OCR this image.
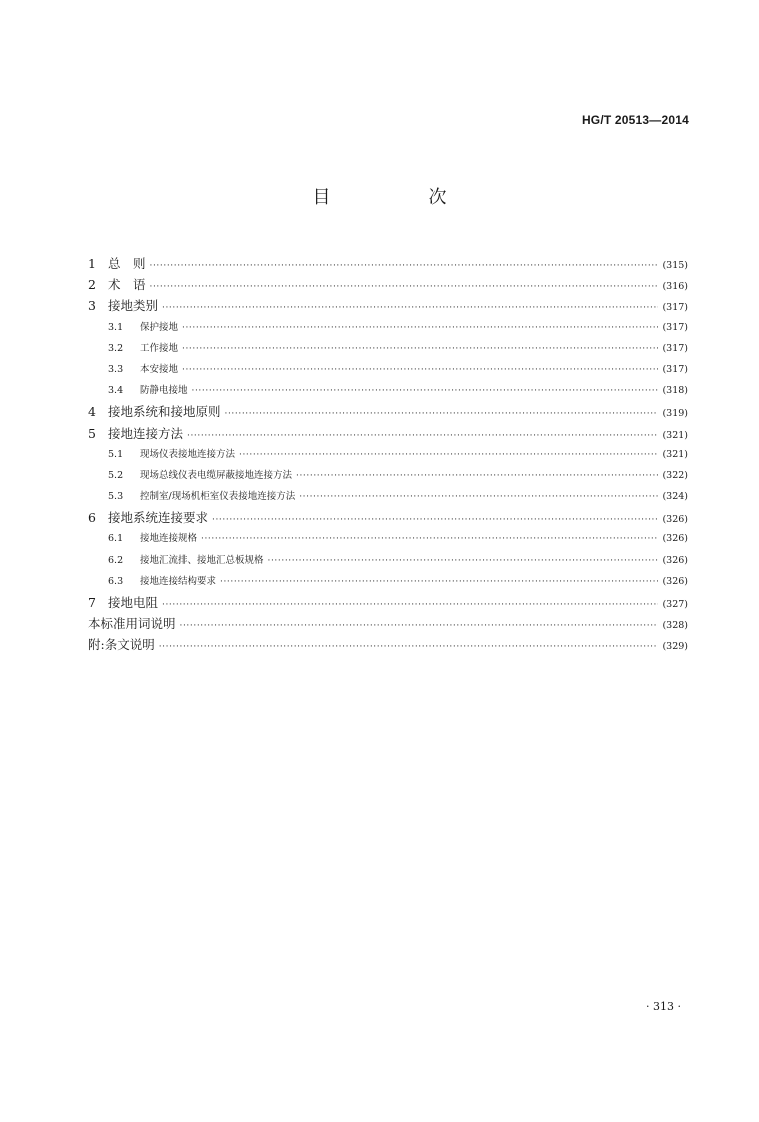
HG/T 20513—2014
目　次
1 总　则 ·····	(315)
2 术　语 ·····	(316)
3 接地类别 ·····	(317)
3.1	保护接地 ·····	(317)
3.2	工作接地 ·····	(317)
3.3	本安接地 ·····	(317)
3.4	防静电接地 ·····	(318)
4 接地系统和接地原则 ·····	(319)
5 接地连接方法 ·····	(321)
5.1	现场仪表接地连接方法 ·····	(321)
5.2	现场总线仪表电缆屏蔽接地连接方法 ·····	(322)
5.3	控制室/现场机柜室仪表接地连接方法 ·····	(324)
6 接地系统连接要求 ·····	(326)
6.1	接地连接规格 ·····	(326)
6.2	接地汇流排、接地汇总板规格 ·····	(326)
6.3	接地连接结构要求 ·····	(326)
7 接地电阻 ·····	(327)
本标准用词说明 ·····	(328)
附:条文说明 ·····	(329)
· 313 ·
